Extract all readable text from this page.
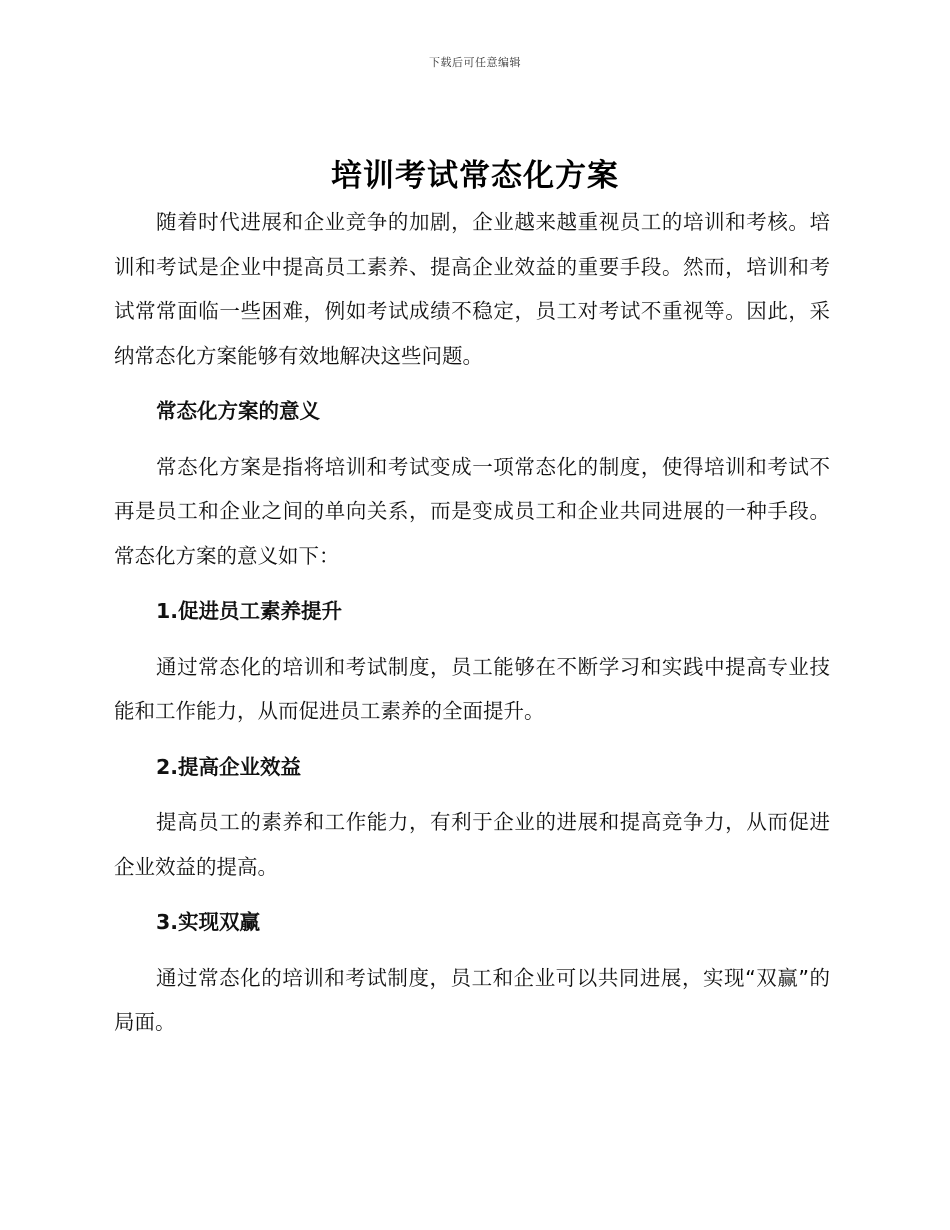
下载后可任意编辑
培训考试常态化方案

随着时代进展和企业竞争的加剧，企业越来越重视员工的培训和考核。培训和考试是企业中提高员工素养、提高企业效益的重要手段。然而，培训和考试常常面临一些困难，例如考试成绩不稳定，员工对考试不重视等。因此，采纳常态化方案能够有效地解决这些问题。

常态化方案的意义

常态化方案是指将培训和考试变成一项常态化的制度，使得培训和考试不再是员工和企业之间的单向关系，而是变成员工和企业共同进展的一种手段。常态化方案的意义如下：

1.促进员工素养提升

通过常态化的培训和考试制度，员工能够在不断学习和实践中提高专业技能和工作能力，从而促进员工素养的全面提升。

2.提高企业效益

提高员工的素养和工作能力，有利于企业的进展和提高竞争力，从而促进企业效益的提高。

3.实现双赢

通过常态化的培训和考试制度，员工和企业可以共同进展，实现“双赢”的局面。
